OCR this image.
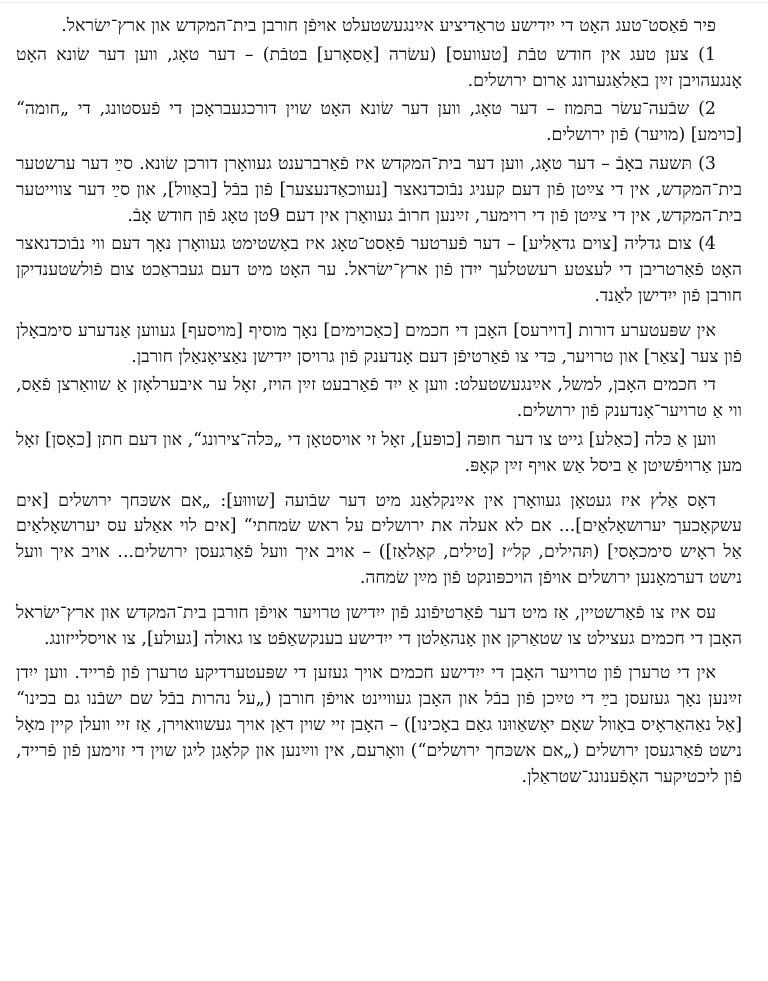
פיר פֿאַסט־טעג האָט די ייִדישע טראַדיציע אײַנגעשטעלט אויפֿן חורבן בית־המקדש און ארץ־ישׂראל.

1) צען טעג אין חודש טבֿת [טעוועס] (עשׂרה [אַסאָרע] בטבֿת) – דער טאָג, ווען דער שׂונא האָט אָנגעהויבן זײַן באַלאַגערונג אַרום ירושלים.

2) שבֿעה־עשׂר בתּמוז – דער טאָג, ווען דער שׂונא האָט שוין דורכגעבראָכן די פֿעסטונג, די „חומה“ [כוימע] (מויער) פֿון ירושלים.

3) תּשעה באָבֿ – דער טאָג, ווען דער בית־המקדש איז פֿאַרברענט געוואָרן דורכן שׂונא. סײַ דער ערשטער בית־המקדש, אין די צײַטן פֿון דעם קעניג נבֿוכדנאצר [נעווכאַדנעצער] פֿון בבֿל [באָוול], און סײַ דער צווייטער בית־המקדש, אין די צײַטן פֿון די רוימער, זײַנען חרובֿ געוואָרן אין דעם 9טן טאָג פֿון חודש אָבֿ.

4) צום גדליה [צוים גדאַליע] – דער פֿערטער פֿאַסט־טאָג איז באַשטימט געוואָרן נאָך דעם ווי נבֿוכדנאצר האָט פֿאַרטריבן די לעצטע רעשטלעך ייִדן פֿון ארץ־ישׂראל. ער האָט מיט דעם געבראַכט צום פֿולשטענדיקן חורבן פֿון ייִדישן לאַנד.

אין שפּעטערע דורות [דוירעס] האָבן די חכמים [כאַכוימים] נאָך מוסיף [מויסעף] געווען אַנדערע סימבאָלן פֿון צער [צאַר] און טרויער, כּדי צו פֿאַרטיפֿן דעם אָנדענק פֿון גרויסן ייִדישן נאַציאָנאַלן חורבן.

די חכמים האָבן, למשל, אײַנגעשטעלט: ווען אַ ייִד פֿאַרבעט זײַן הויז, זאָל ער איבערלאָזן אַ שוואַרצן פֿאַס, ווי אַ טרויער־אָנדענק פֿון ירושלים.

ווען אַ כּלה [כאַלע] גייט צו דער חופּה [כופּע], זאָל זי אויסטאָן די „כּלה־צירונג“, און דעם חתן [כאָסן] זאָל מען אַרויפֿשיטן אַ ביסל אַש אויף זײַן קאָפּ.

דאָס אַלץ איז געטאָן געוואָרן אין אײַנקלאַנג מיט דער שבֿועה [שוווּע]: „אם אשכּחך ירושלים [אים עשקאָכעך יערושאָלאַים]... אם לא אעלה את ירושלים על ראש שׂמחתי“ [אים לוי אאַלע עס יערושאָלאַים אַל ראָיש סימכאָסי] (תּהילים, קל״ז [טילים, קאַלאַז]) – אויב איך וועל פֿאַרגעסן ירושלים... אויב איך וועל נישט דערמאָנען ירושלים אויפֿן הויכפּונקט פֿון מײַן שׂמחה.

עס איז צו פֿאַרשטיין, אַז מיט דער פֿאַרטיפֿונג פֿון ייִדישן טרויער אויפֿן חורבן בית־המקדש און ארץ־ישׂראל האָבן די חכמים געצילט צו שטאַרקן און אָנהאַלטן די ייִדישע בענקשאַפֿט צו גאולה [געולע], צו אויסלייזונג.

אין די טרערן פֿון טרויער האָבן די ייִדישע חכמים אויך געזען די שפּעטערדיקע טרערן פֿון פֿרייד. ווען ייִדן זײַנען נאָך געזעסן בײַ די טײַכן פֿון בבֿל און האָבן געוויינט אויפֿן חורבן („על נהרות בבֿל שם ישבֿנו גם בכינו“ [אַל נאַהאַראָיס באָוול שאָם יאָשאַווּנו גאַם באָכינו]) – האָבן זיי שוין דאַן אויך געשוואוירן, אַז זיי וועלן קיין מאָל נישט פֿאַרגעסן ירושלים („אם אשכּחך ירושלים“) וואָרעם, אין ווײַנען און קלאָגן ליגן שוין די זוימען פֿון פֿרייד, פֿון ליכטיקער האָפֿענונג־שטראַלן.
